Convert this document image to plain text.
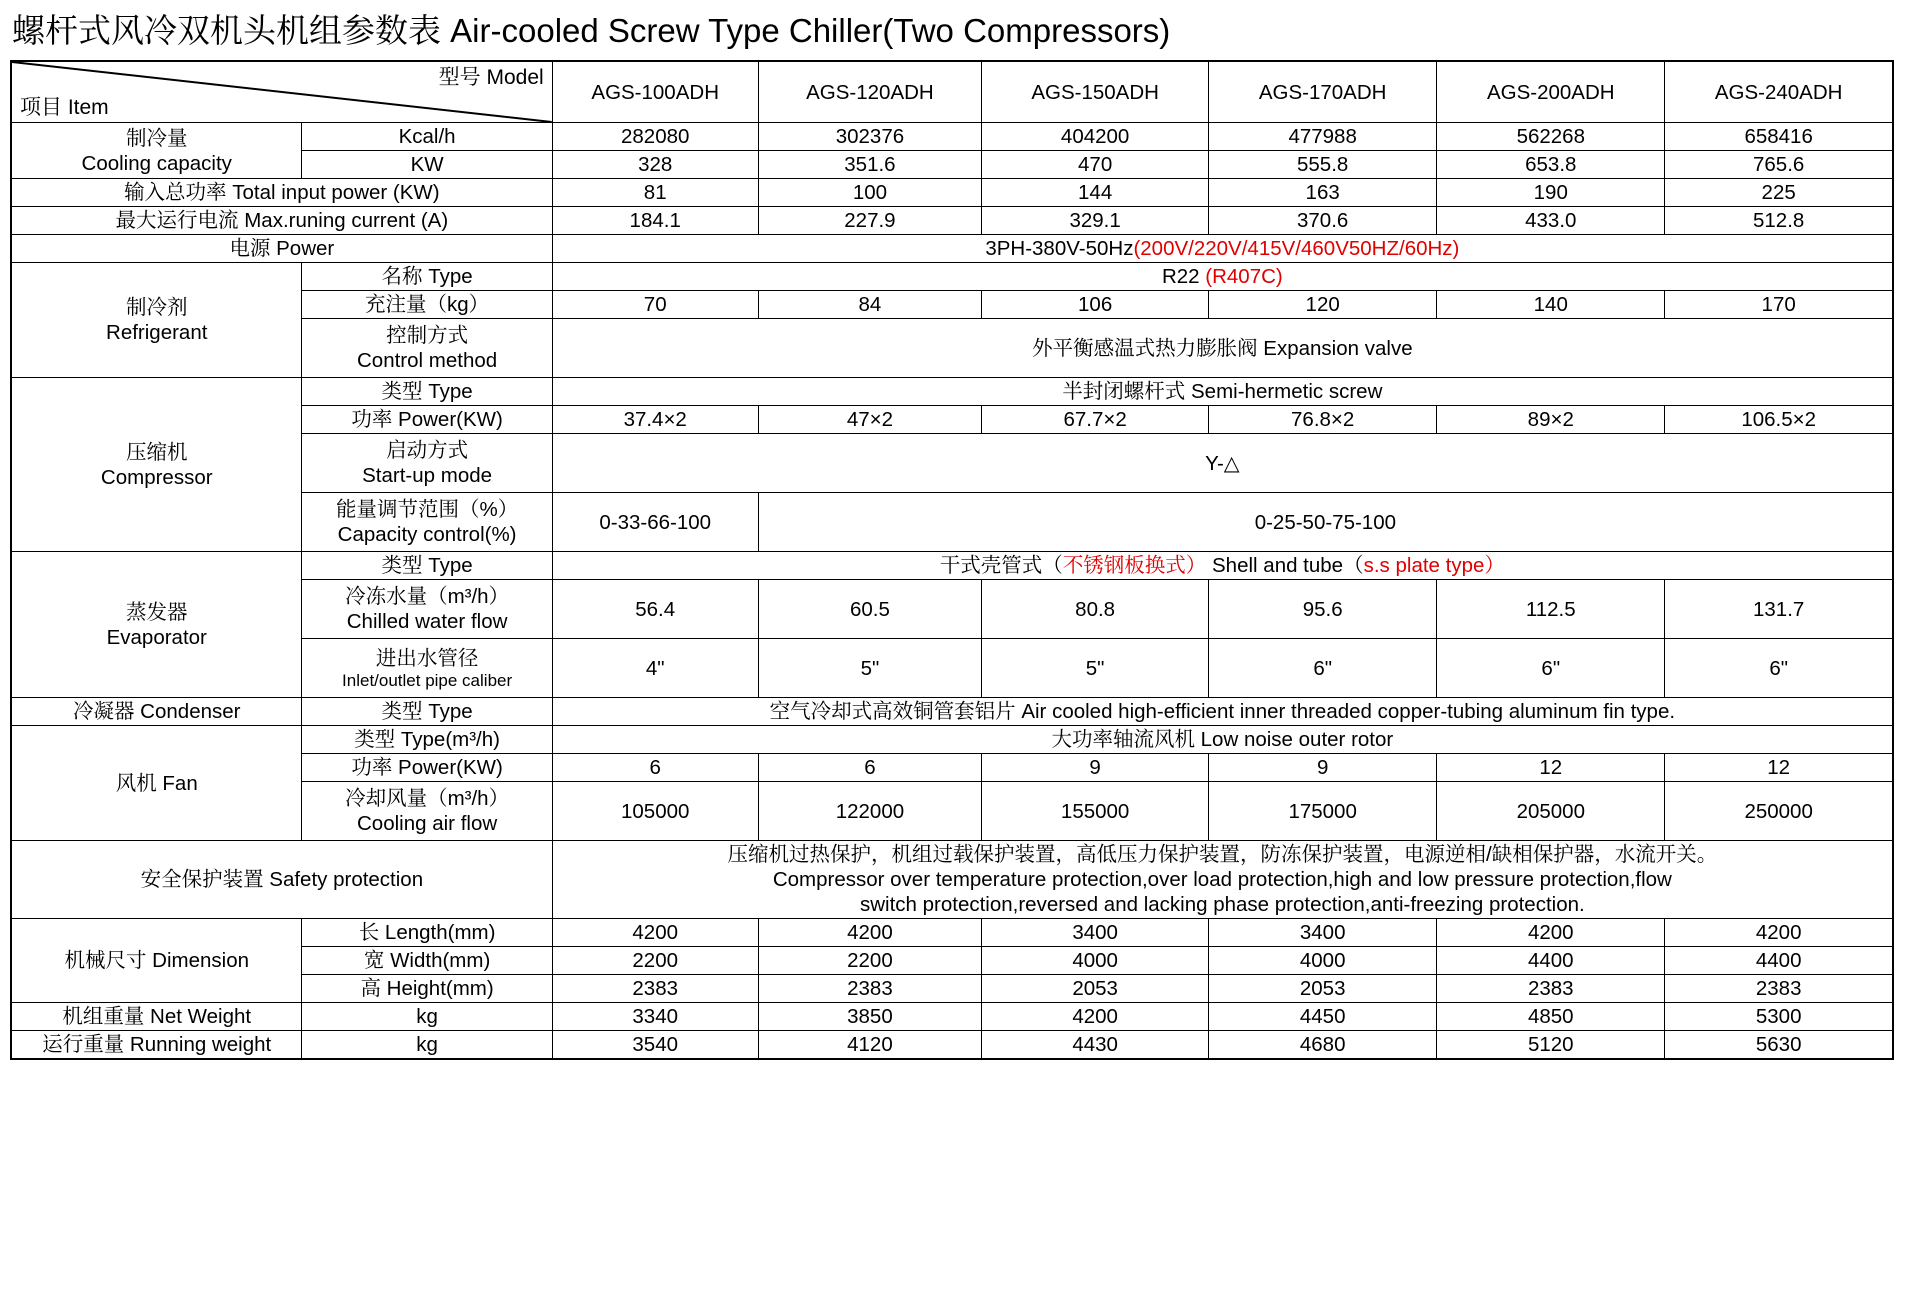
螺杆式风冷双机头机组参数表 Air-cooled Screw Type Chiller(Two Compressors)
型号 Model
项目 Item		AGS-100ADH	AGS-120ADH	AGS-150ADH	AGS-170ADH	AGS-200ADH	AGS-240ADH

制冷量
Cooling capacity	Kcal/h	282080	302376	404200	477988	562268	658416
	KW	328	351.6	470	555.8	653.8	765.6
输入总功率 Total input power (KW)		81	100	144	163	190	225
最大运行电流 Max.runing current (A)		184.1	227.9	329.1	370.6	433.0	512.8
电源 Power		3PH-380V-50Hz(200V/220V/415V/460V50HZ/60Hz)					

制冷剂
Refrigerant	名称 Type	R22 (R407C)					
	充注量（kg）	70	84	106	120	140	170

	控制方式
Control method	外平衡感温式热力膨胀阀 Expansion valve					

压缩机
Compressor	类型 Type	半封闭螺杆式 Semi-hermetic screw					
	功率 Power(KW)	37.4×2	47×2	67.7×2	76.8×2	89×2	106.5×2

	启动方式
Start-up mode	Y-△					

	能量调节范围（%）
Capacity control(%)	0-33-66-100	0-25-50-75-100				

蒸发器
Evaporator	类型 Type	干式壳管式（不锈钢板换式） Shell and tube（s.s plate type）					

	冷冻水量（m³/h）
Chilled water flow	56.4	60.5	80.8	95.6	112.5	131.7

	进出水管径
Inlet/outlet pipe caliber	4"	5"	5"	6"	6"	6"
冷凝器 Condenser	类型 Type	空气冷却式高效铜管套铝片 Air cooled high-efficient inner threaded copper-tubing aluminum fin type.					
风机 Fan	类型 Type(m³/h)	大功率轴流风机 Low noise outer rotor					
	功率 Power(KW)	6	6	9	9	12	12

	冷却风量（m³/h）
Cooling air flow	105000	122000	155000	175000	205000	250000
安全保护装置 Safety protection		压缩机过热保护，机组过载保护装置，高低压力保护装置，防冻保护装置，电源逆相/缺相保护器，水流开关。
Compressor over temperature protection,over load protection,high and low pressure protection,flow
switch protection,reversed and lacking phase protection,anti-freezing protection.					

机械尺寸 Dimension	长 Length(mm)	4200	4200	3400	3400	4200	4200
	宽 Width(mm)	2200	2200	4000	4000	4400	4400
	高 Height(mm)	2383	2383	2053	2053	2383	2383
机组重量 Net Weight	kg	3340	3850	4200	4450	4850	5300
运行重量 Running weight	kg	3540	4120	4430	4680	5120	5630
